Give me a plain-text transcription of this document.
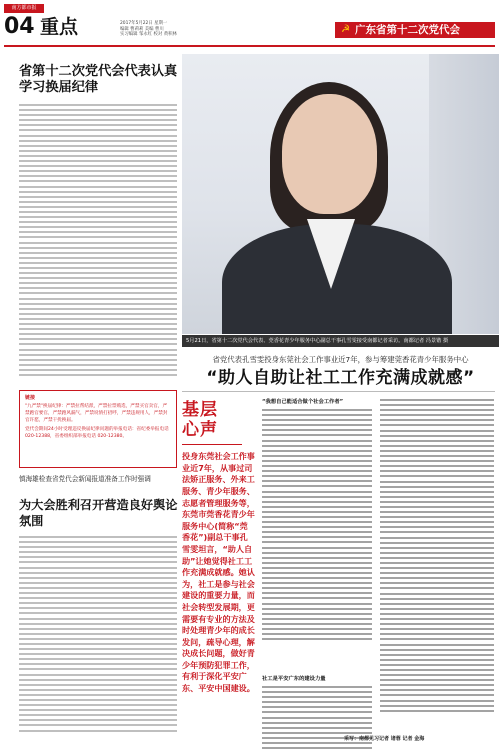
南方都市报
04 重点	2017年5月22日 星期一
编辑 曹莉莉 美编 曹川
实习编辑 邹永红 校对 黄积林	☭ 广东省第十二次党代会
省第十二次党代会代表认真学习换届纪律
链接
"九严禁"换届纪律：严禁拉帮结派，严禁拉票贿选，严禁买官卖官，严禁跑官要官，严禁跑风漏气，严禁说情打招呼，严禁违规用人，严禁封官许愿，严禁干扰换届。
党代会期间24小时受理违反换届纪律问题的举报电话：省纪委举报电话 020-12388，省委组织部举报电话 020-12380。
慎海雄检查省党代会新闻报道准备工作时强调
为大会胜利召开营造良好舆论氛围
5月21日，省第十二次党代会代表、莞香花青少年服务中心副总干事孔雪雯接受南都记者采访。南都记者 冯景锴 摄
省党代表孔雪雯投身东莞社会工作事业近7年，参与筹建莞香花青少年服务中心
“助人自助让社工工作充满成就感”
基层
心声
投身东莞社会工作事业近7年，从事过司法矫正服务、外来工服务、青少年服务、志愿者管理服务等，东莞市莞香花青少年服务中心(简称“莞香花”)副总干事孔雪雯坦言，“助人自助”让她觉得社工工作充满成就感。她认为，社工是参与社会建设的重要力量，而社会转型发展期，更需要有专业的方法及时处理青少年的成长发问，疏导心理，解决成长问题，做好青少年预防犯罪工作，有利于深化平安广东、平安中国建设。
“我想自己能适合做个社会工作者”
社工是平安广东的建设力量
采写：南都见习记者 诸蓉 记者 金海
